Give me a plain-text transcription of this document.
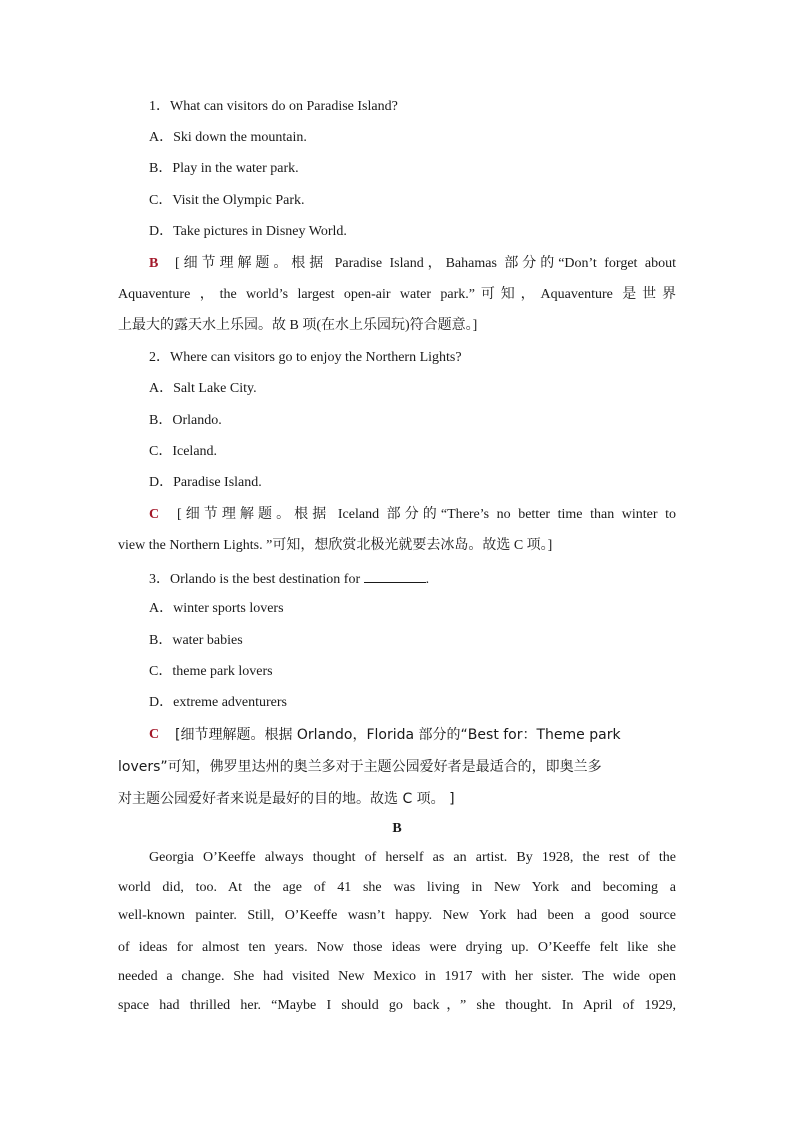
1．What can visitors do on Paradise Island?
A．Ski down the mountain.
B．Play in the water park.
C．Visit the Olympic Park.
D．Take pictures in Disney World.
B [细节理解题。根据 Paradise Island，Bahamas 部分的“Don’t forget about
Aquaventure ，the world’s largest open-air water park.”可知，Aquaventure 是世界
上最大的露天水上乐园。故 B 项(在水上乐园玩)符合题意。]
2．Where can visitors go to enjoy the Northern Lights?
A．Salt Lake City.
B．Orlando.
C．Iceland.
D．Paradise Island.
C [细节理解题。根据 Iceland 部分的“There’s no better time than winter to
view the Northern Lights. ”可知，想欣赏北极光就要去冰岛。故选 C 项。]
3．Orlando is the best destination for	.
A．winter sports lovers
B．water babies
C．theme park lovers
D．extreme adventurers
C [细节理解题。根据 Orlando，Florida 部分的“Best for：Theme park
lovers”可知，佛罗里达州的奥兰多对于主题公园爱好者是最适合的，即奥兰多
对主题公园爱好者来说是最好的目的地。故选 C 项。 ]
B
Georgia O’Keeffe always thought of herself as an artist. By 1928, the rest of the
world did, too. At the age of 41 she was living in New York and becoming a
well-known painter. Still, O’Keeffe wasn’t happy. New York had been a good source
of ideas for almost ten years. Now those ideas were drying up. O’Keeffe felt like she
needed a change. She had visited New Mexico in 1917 with her sister. The wide open
space had thrilled her. “Maybe I should go back，” she thought. In April of 1929,
